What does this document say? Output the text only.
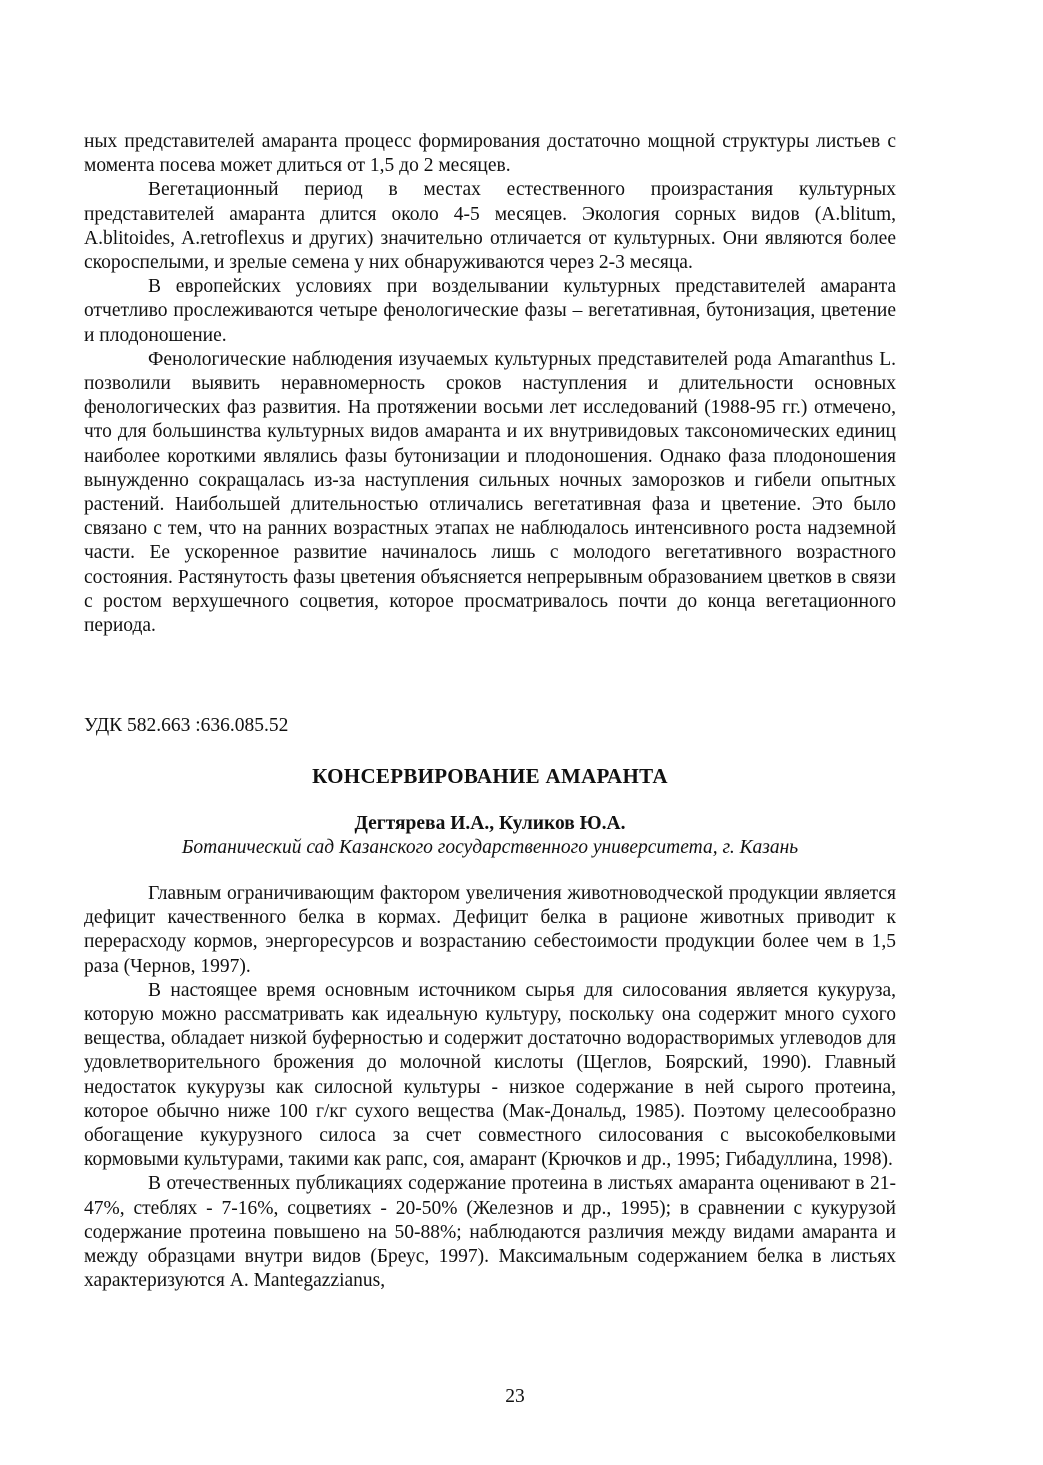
ных представителей амаранта процесс формирования достаточно мощной структуры листьев с момента посева может длиться от 1,5 до 2 месяцев.

Вегетационный период в местах естественного произрастания культурных представителей амаранта длится около 4-5 месяцев. Экология сорных видов (A.blitum, A.blitoides, A.retroflexus и других) значительно отличается от культурных. Они являются более скороспелыми, и зрелые семена у них обнаруживаются через 2-3 месяца.

В европейских условиях при возделывании культурных представителей амаранта отчетливо прослеживаются четыре фенологические фазы – вегетативная, бутонизация, цветение и плодоношение.

Фенологические наблюдения изучаемых культурных представителей рода Amaranthus L. позволили выявить неравномерность сроков наступления и длительности основных фенологических фаз развития. На протяжении восьми лет исследований (1988-95 гг.) отмечено, что для большинства культурных видов амаранта и их внутривидовых таксономических единиц наиболее короткими являлись фазы бутонизации и плодоношения. Однако фаза плодоношения вынужденно сокращалась из-за наступления сильных ночных заморозков и гибели опытных растений. Наибольшей длительностью отличались вегетативная фаза и цветение. Это было связано с тем, что на ранних возрастных этапах не наблюдалось интенсивного роста надземной части. Ее ускоренное развитие начиналось лишь с молодого вегетативного возрастного состояния. Растянутость фазы цветения объясняется непрерывным образованием цветков в связи с ростом верхушечного соцветия, которое просматривалось почти до конца вегетационного периода.

УДК 582.663 :636.085.52
КОНСЕРВИРОВАНИЕ АМАРАНТА
Дегтярева И.А., Куликов Ю.А.
Ботанический сад Казанского государственного университета, г. Казань

Главным ограничивающим фактором увеличения животноводческой продукции является дефицит качественного белка в кормах. Дефицит белка в рационе животных приводит к перерасходу кормов, энергоресурсов и возрастанию себестоимости продукции более чем в 1,5 раза (Чернов, 1997).

В настоящее время основным источником сырья для силосования является кукуруза, которую можно рассматривать как идеальную культуру, поскольку она содержит много сухого вещества, обладает низкой буферностью и содержит достаточно водорастворимых углеводов для удовлетворительного брожения до молочной кислоты (Щеглов, Боярский, 1990). Главный недостаток кукурузы как силосной культуры - низкое содержание в ней сырого протеина, которое обычно ниже 100 г/кг сухого вещества (Мак-Дональд, 1985). Поэтому целесообразно обогащение кукурузного силоса за счет совместного силосования с высокобелковыми кормовыми культурами, такими как рапс, соя, амарант (Крючков и др., 1995; Гибадуллина, 1998).

В отечественных публикациях содержание протеина в листьях амаранта оценивают в 21-47%, стеблях - 7-16%, соцветиях - 20-50% (Железнов и др., 1995); в сравнении с кукурузой содержание протеина повышено на 50-88%; наблюдаются различия между видами амаранта и между образцами внутри видов (Бреус, 1997). Максимальным содержанием белка в листьях характеризуются A. Mantegazzianus,

23
